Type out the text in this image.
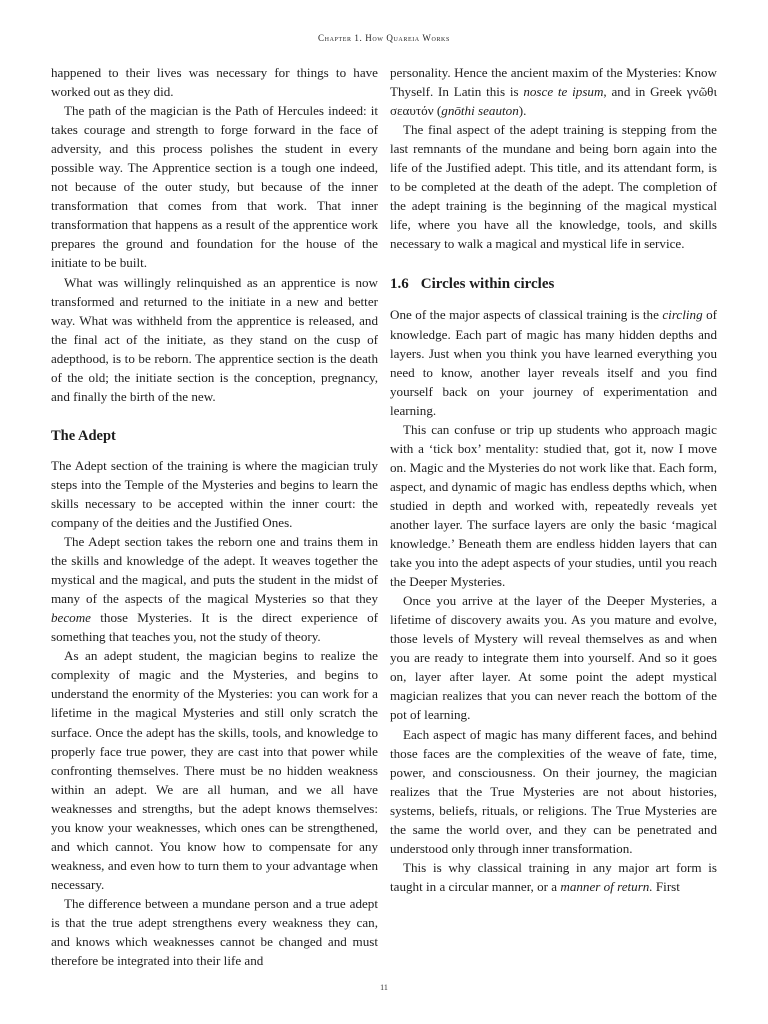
Chapter 1. How Quareia Works

happened to their lives was necessary for things to have worked out as they did.

The path of the magician is the Path of Hercules indeed: it takes courage and strength to forge forward in the face of adversity, and this process polishes the student in every possible way. The Apprentice section is a tough one indeed, not because of the outer study, but because of the inner transformation that comes from that work. That inner transformation that happens as a result of the apprentice work prepares the ground and foundation for the house of the initiate to be built.

What was willingly relinquished as an apprentice is now transformed and returned to the initiate in a new and better way. What was withheld from the apprentice is released, and the final act of the initiate, as they stand on the cusp of adepthood, is to be reborn. The apprentice section is the death of the old; the initiate section is the conception, pregnancy, and finally the birth of the new.

The Adept

The Adept section of the training is where the magician truly steps into the Temple of the Mysteries and begins to learn the skills necessary to be accepted within the inner court: the company of the deities and the Justified Ones.

The Adept section takes the reborn one and trains them in the skills and knowledge of the adept. It weaves together the mystical and the magical, and puts the student in the midst of many of the aspects of the magical Mysteries so that they become those Mysteries. It is the direct experience of something that teaches you, not the study of theory.

As an adept student, the magician begins to realize the complexity of magic and the Mysteries, and begins to understand the enormity of the Mysteries: you can work for a lifetime in the magical Mysteries and still only scratch the surface. Once the adept has the skills, tools, and knowledge to properly face true power, they are cast into that power while confronting themselves. There must be no hidden weakness within an adept. We are all human, and we all have weaknesses and strengths, but the adept knows themselves: you know your weaknesses, which ones can be strengthened, and which cannot. You know how to compensate for any weakness, and even how to turn them to your advantage when necessary.

The difference between a mundane person and a true adept is that the true adept strengthens every weakness they can, and knows which weaknesses cannot be changed and must therefore be integrated into their life and

personality. Hence the ancient maxim of the Mysteries: Know Thyself. In Latin this is nosce te ipsum, and in Greek γνῶθι σεαυτόν (gnōthi seauton).

The final aspect of the adept training is stepping from the last remnants of the mundane and being born again into the life of the Justified adept. This title, and its attendant form, is to be completed at the death of the adept. The completion of the adept training is the beginning of the magical mystical life, where you have all the knowledge, tools, and skills necessary to walk a magical and mystical life in service.

1.6 Circles within circles

One of the major aspects of classical training is the circling of knowledge. Each part of magic has many hidden depths and layers. Just when you think you have learned everything you need to know, another layer reveals itself and you find yourself back on your journey of experimentation and learning.

This can confuse or trip up students who approach magic with a ‘tick box’ mentality: studied that, got it, now I move on. Magic and the Mysteries do not work like that. Each form, aspect, and dynamic of magic has endless depths which, when studied in depth and worked with, repeatedly reveals yet another layer. The surface layers are only the basic ‘magical knowledge.’ Beneath them are endless hidden layers that can take you into the adept aspects of your studies, until you reach the Deeper Mysteries.

Once you arrive at the layer of the Deeper Mysteries, a lifetime of discovery awaits you. As you mature and evolve, those levels of Mystery will reveal themselves as and when you are ready to integrate them into yourself. And so it goes on, layer after layer. At some point the adept mystical magician realizes that you can never reach the bottom of the pot of learning.

Each aspect of magic has many different faces, and behind those faces are the complexities of the weave of fate, time, power, and consciousness. On their journey, the magician realizes that the True Mysteries are not about histories, systems, beliefs, rituals, or religions. The True Mysteries are the same the world over, and they can be penetrated and understood only through inner transformation.

This is why classical training in any major art form is taught in a circular manner, or a manner of return. First

11
